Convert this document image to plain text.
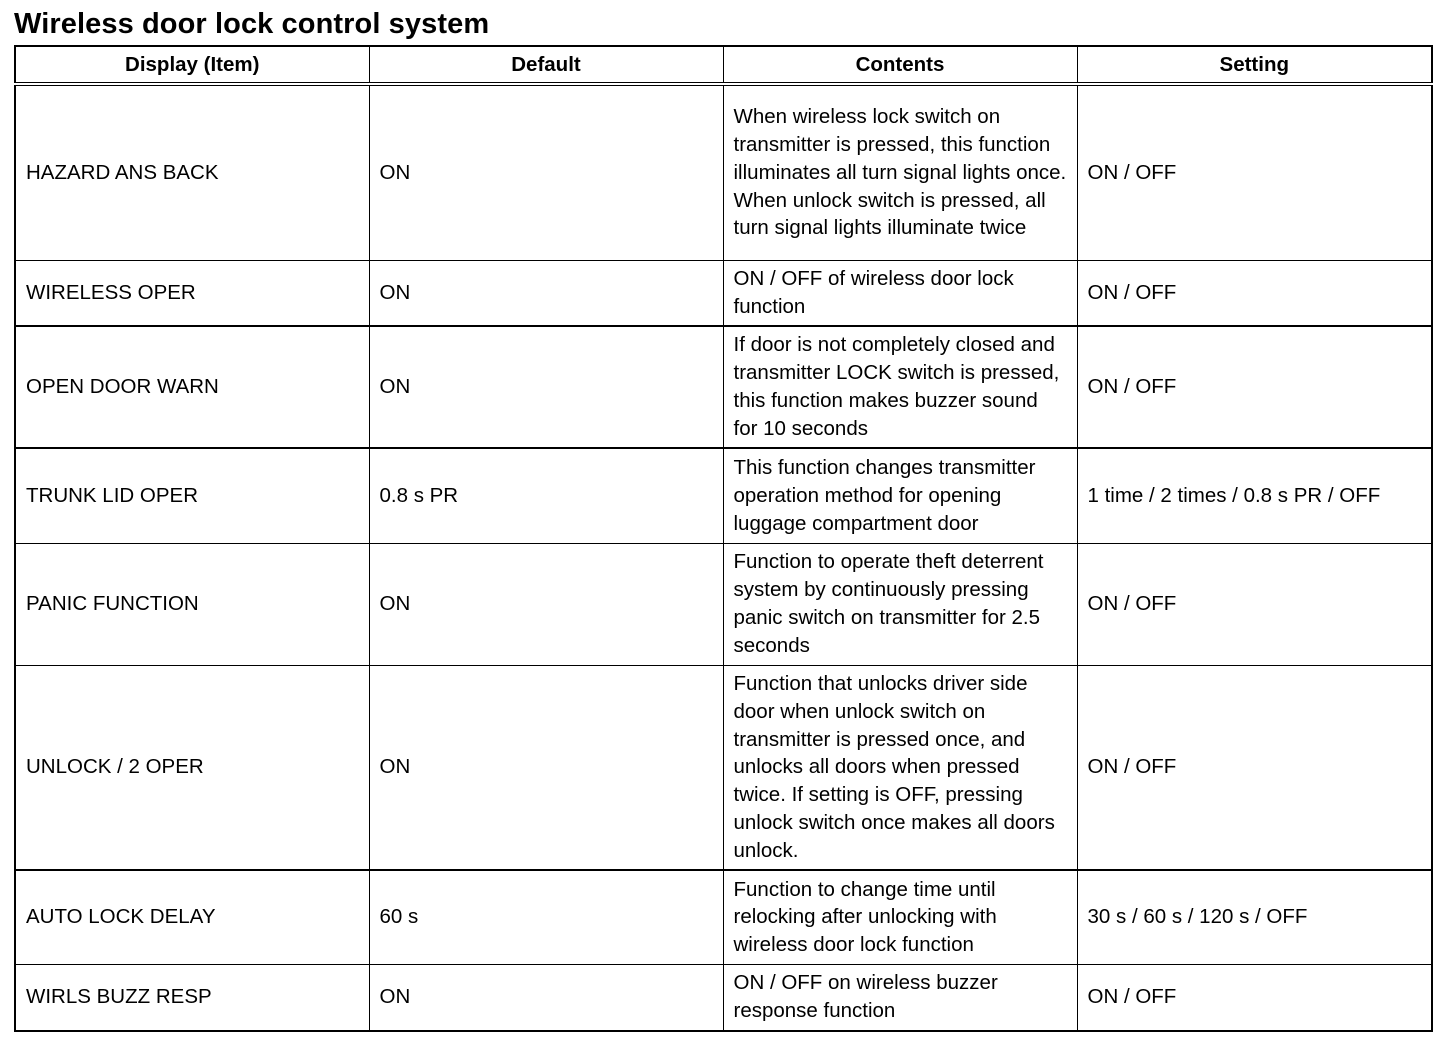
Wireless door lock control system
Display (Item)	Default	Contents	Setting
HAZARD ANS BACK	ON	When wireless lock switch on transmitter is pressed, this function illuminates all turn signal lights once. When unlock switch is pressed, all turn signal lights illuminate twice	ON / OFF
WIRELESS OPER	ON	ON / OFF of wireless door lock function	ON / OFF
OPEN DOOR WARN	ON	If door is not completely closed and transmitter LOCK switch is pressed, this function makes buzzer sound for 10 seconds	ON / OFF
TRUNK LID OPER	0.8 s PR	This function changes transmitter operation method for opening luggage compartment door	1 time / 2 times / 0.8 s PR / OFF
PANIC FUNCTION	ON	Function to operate theft deterrent system by continuously pressing panic switch on transmitter for 2.5 seconds	ON / OFF
UNLOCK / 2 OPER	ON	Function that unlocks driver side door when unlock switch on transmitter is pressed once, and unlocks all doors when pressed twice. If setting is OFF, pressing unlock switch once makes all doors unlock.	ON / OFF
AUTO LOCK DELAY	60 s	Function to change time until relocking after unlocking with wireless door lock function	30 s / 60 s / 120 s / OFF
WIRLS BUZZ RESP	ON	ON / OFF on wireless buzzer response function	ON / OFF
